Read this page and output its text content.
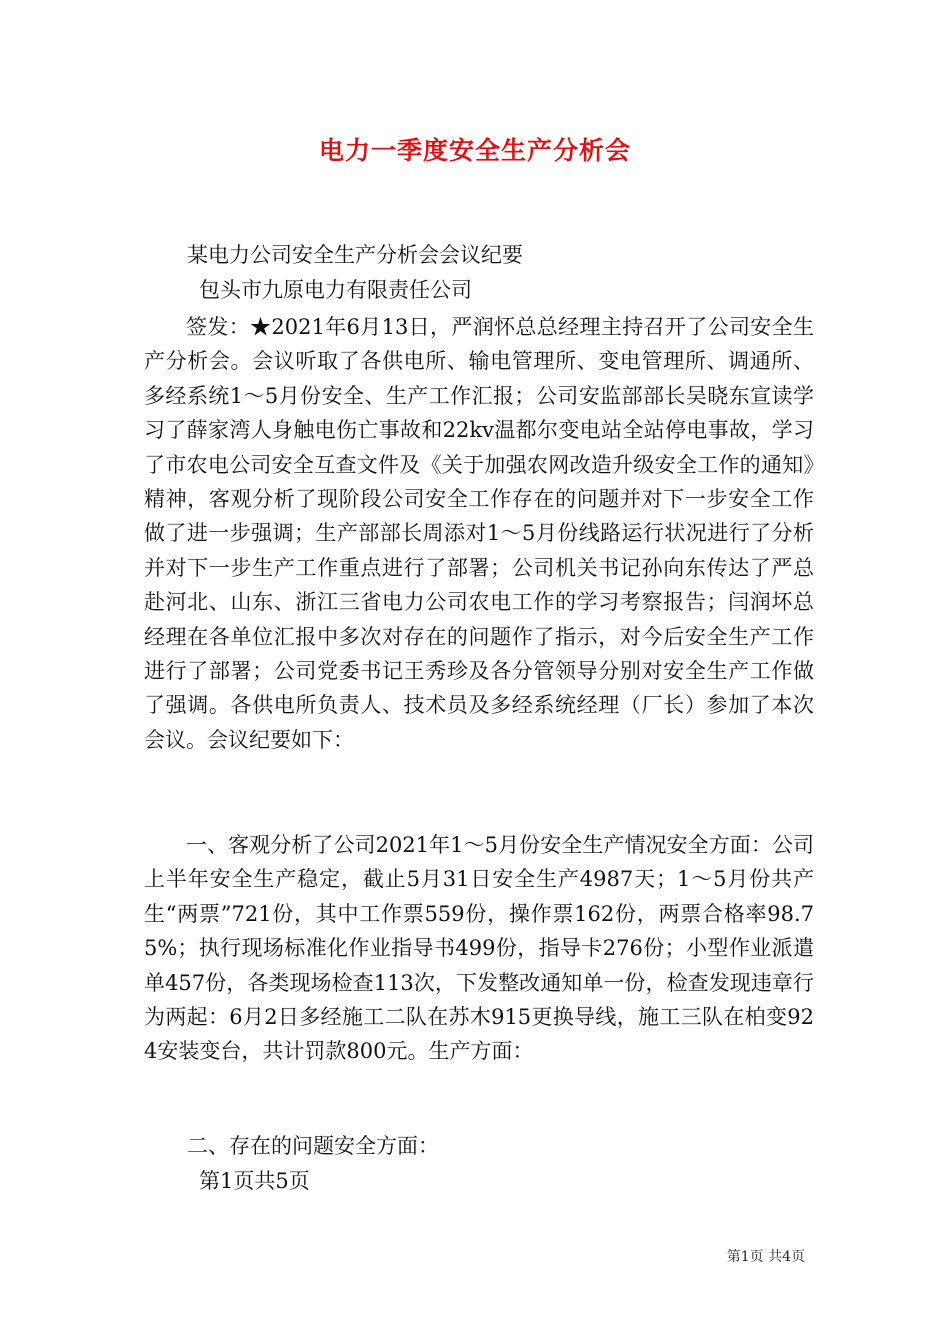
电力一季度安全生产分析会
某电力公司安全生产分析会会议纪要
包头市九原电力有限责任公司
签发：★2021年6月13日，严润怀总总经理主持召开了公司安全生产分析会。会议听取了各供电所、输电管理所、变电管理所、调通所、多经系统1～5月份安全、生产工作汇报；公司安监部部长吴晓东宣读学习了薛家湾人身触电伤亡事故和22kv温都尔变电站全站停电事故，学习了市农电公司安全互查文件及《关于加强农网改造升级安全工作的通知》精神，客观分析了现阶段公司安全工作存在的问题并对下一步安全工作做了进一步强调；生产部部长周添对1～5月份线路运行状况进行了分析并对下一步生产工作重点进行了部署；公司机关书记孙向东传达了严总赴河北、山东、浙江三省电力公司农电工作的学习考察报告；闫润坏总经理在各单位汇报中多次对存在的问题作了指示，对今后安全生产工作进行了部署；公司党委书记王秀珍及各分管领导分别对安全生产工作做了强调。各供电所负责人、技术员及多经系统经理（厂长）参加了本次会议。会议纪要如下：
一、客观分析了公司2021年1～5月份安全生产情况安全方面：公司上半年安全生产稳定，截止5月31日安全生产4987天；1～5月份共产生“两票”721份，其中工作票559份，操作票162份，两票合格率98.75%；执行现场标准化作业指导书499份，指导卡276份；小型作业派遣单457份，各类现场检查113次，下发整改通知单一份，检查发现违章行为两起：6月2日多经施工二队在苏木915更换导线，施工三队在柏变924安装变台，共计罚款800元。生产方面：
二、存在的问题安全方面：
第1页共5页
第1页 共4页
